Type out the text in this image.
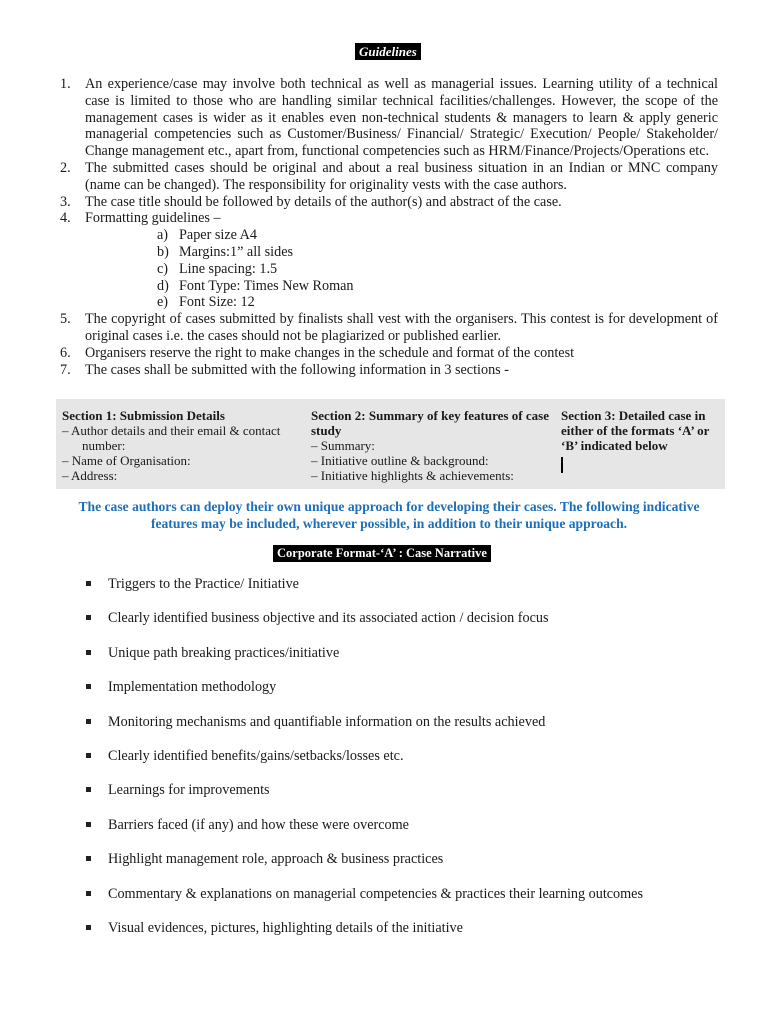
Guidelines
1.	An experience/case may involve both technical as well as managerial issues. Learning utility of a technical case is limited to those who are handling similar technical facilities/challenges. However, the scope of the management cases is wider as it enables even non-technical students & managers to learn & apply generic managerial competencies such as Customer/Business/ Financial/ Strategic/ Execution/ People/ Stakeholder/ Change management etc., apart from, functional competencies such as HRM/Finance/Projects/Operations etc.
2.	The submitted cases should be original and about a real business situation in an Indian or MNC company (name can be changed). The responsibility for originality vests with the case authors.
3.	The case title should be followed by details of the author(s) and abstract of the case.
4.	Formatting guidelines –
a) Paper size A4
b) Margins:1” all sides
c) Line spacing: 1.5
d) Font Type: Times New Roman
e) Font Size: 12
5.	The copyright of cases submitted by finalists shall vest with the organisers. This contest is for development of original cases i.e. the cases should not be plagiarized or published earlier.
6.	Organisers reserve the right to make changes in the schedule and format of the contest
7.	The cases shall be submitted with the following information in 3 sections -
Section 1: Submission Details
– Author details and their email & contact
number:
– Name of Organisation:
– Address:
Section 2: Summary of key features of case study
– Summary:
– Initiative outline & background:
– Initiative highlights & achievements:
Section 3: Detailed case in either of the formats ‘A’ or ‘B’ indicated below
The case authors can deploy their own unique approach for developing their cases. The following indicative features may be included, wherever possible, in addition to their unique approach.
Corporate Format-‘A’ : Case Narrative
Triggers to the Practice/ Initiative
Clearly identified business objective and its associated action / decision focus
Unique path breaking practices/initiative
Implementation methodology
Monitoring mechanisms and quantifiable information on the results achieved
Clearly identified benefits/gains/setbacks/losses etc.
Learnings for improvements
Barriers faced (if any) and how these were overcome
Highlight management role, approach & business practices
Commentary & explanations on managerial competencies & practices their learning outcomes
Visual evidences, pictures, highlighting details of the initiative
